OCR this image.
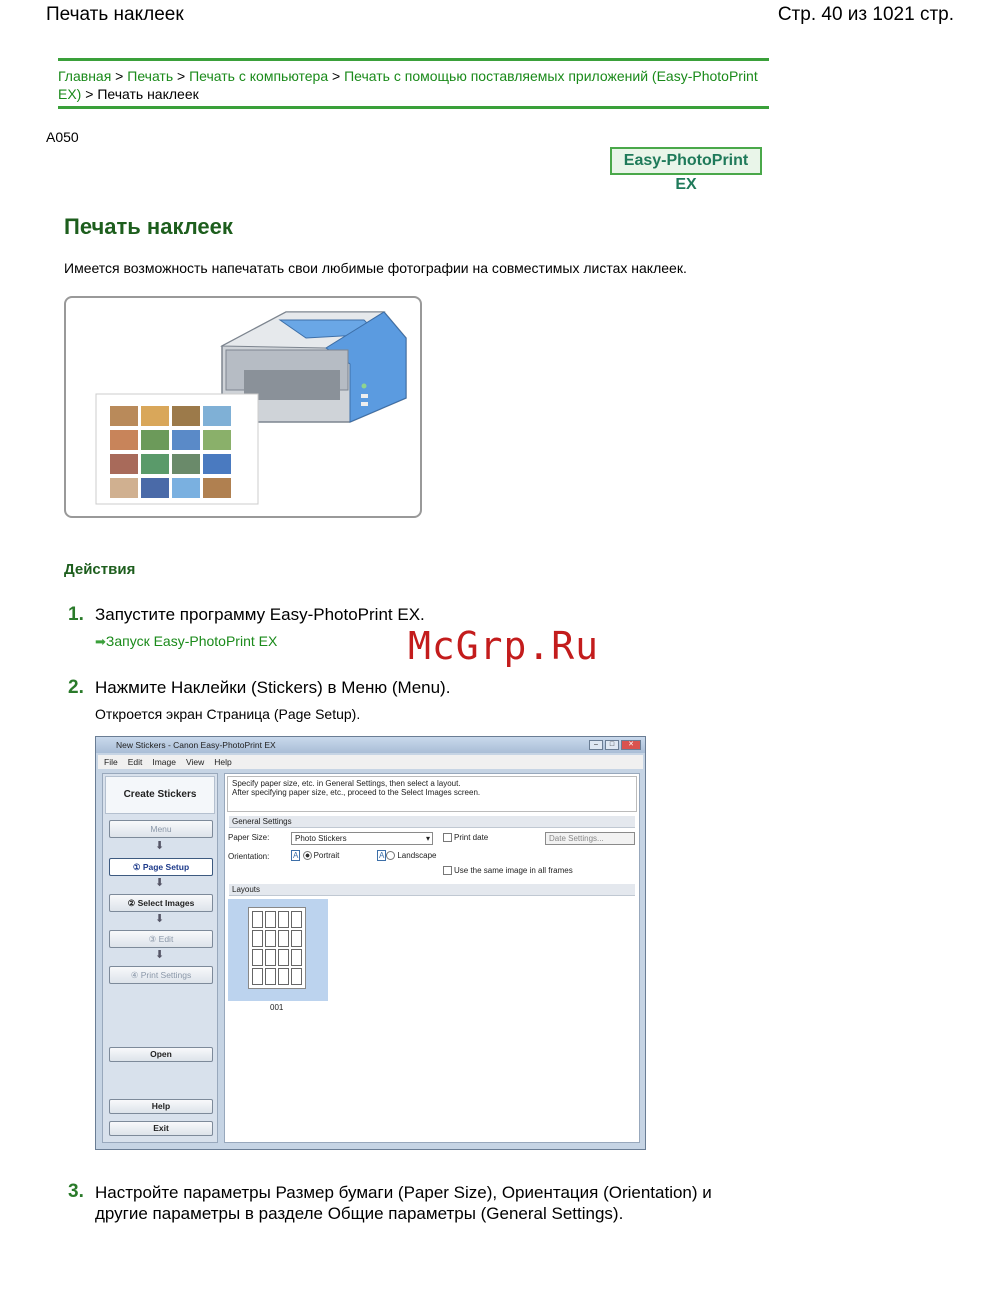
Печать наклеек	Стр. 40 из 1021 стр.
Главная > Печать > Печать с компьютера > Печать с помощью поставляемых приложений (Easy-PhotoPrint EX) > Печать наклеек
A050
Easy-PhotoPrint EX
Печать наклеек
Имеется возможность напечатать свои любимые фотографии на совместимых листах наклеек.
Действия
1. Запустите программу Easy-PhotoPrint EX.
➡Запуск Easy-PhotoPrint EX	McGrp.Ru
2. Нажмите Наклейки (Stickers) в Меню (Menu).
Откроется экран Страница (Page Setup).
New Stickers - Canon Easy-PhotoPrint EX	–	□	✕
File Edit Image View Help
Create Stickers
Menu
⬇
① Page Setup
⬇
② Select Images
⬇
③ Edit
⬇
④ Print Settings
Open
Help
Exit
Specify paper size, etc. in General Settings, then select a layout.
After specifying paper size, etc., proceed to the Select Images screen.
General Settings
Paper Size:	Photo Stickers	▾	Print date	Date Settings...
Orientation:	A Portrait	A Landscape
Use the same image in all frames
Layouts
001
3. Настройте параметры Размер бумаги (Paper Size), Ориентация (Orientation) и другие параметры в разделе Общие параметры (General Settings).
